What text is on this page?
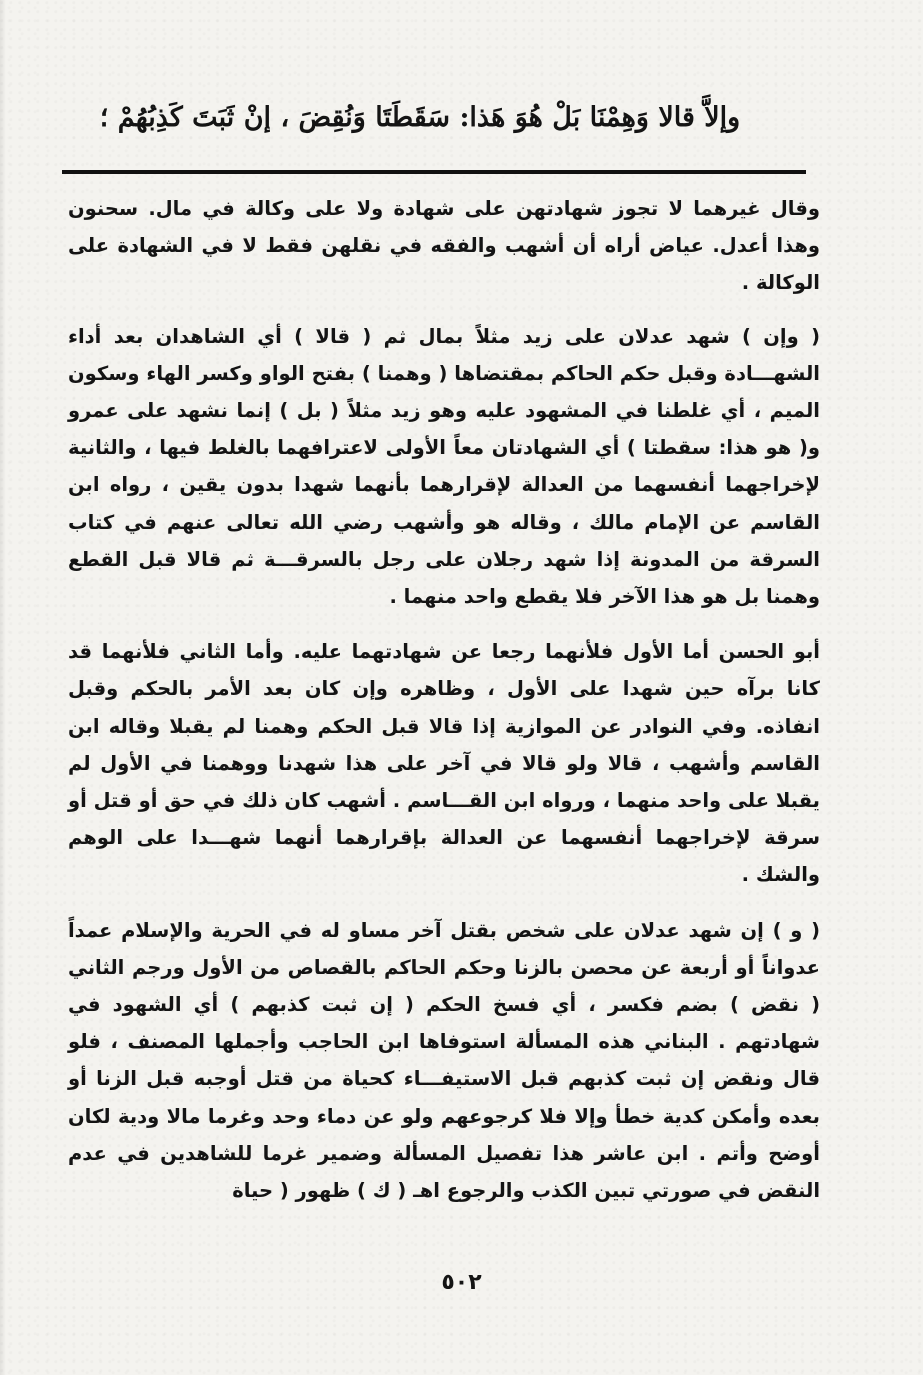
وإلاَّ قالا وَهِمْنَا بَلْ هُوَ هَذا: سَقَطَتَا وَنُقِضَ ، إنْ ثَبَتَ كَذِبُهُمْ ؛

وقال غيرهما لا تجوز شهادتهن على شهادة ولا على وكالة في مال. سحنون وهذا أعدل. عياض أراه أن أشهب والفقه في نقلهن فقط لا في الشهادة على الوكالة .

( وإن ) شهد عدلان على زيد مثلاً بمال ثم ( قالا ) أي الشاهدان بعد أداء الشهـــادة وقبل حكم الحاكم بمقتضاها ( وهمنا ) بفتح الواو وكسر الهاء وسكون الميم ، أي غلطنا في المشهود عليه وهو زيد مثلاً ( بل ) إنما نشهد على عمرو و( هو هذا: سقطتا ) أي الشهادتان معاً الأولى لاعترافهما بالغلط فيها ، والثانية لإخراجهما أنفسهما من العدالة لإقرارهما بأنهما شهدا بدون يقين ، رواه ابن القاسم عن الإمام مالك ، وقاله هو وأشهب رضي الله تعالى عنهم في كتاب السرقة من المدونة إذا شهد رجلان على رجل بالسرقـــة ثم قالا قبل القطع وهمنا بل هو هذا الآخر فلا يقطع واحد منهما .

أبو الحسن أما الأول فلأنهما رجعا عن شهادتهما عليه. وأما الثاني فلأنهما قد كانا برآه حين شهدا على الأول ، وظاهره وإن كان بعد الأمر بالحكم وقبل انفاذه. وفي النوادر عن الموازية إذا قالا قبل الحكم وهمنا لم يقبلا وقاله ابن القاسم وأشهب ، قالا ولو قالا في آخر على هذا شهدنا ووهمنا في الأول لم يقبلا على واحد منهما ، ورواه ابن القـــاسم . أشهب كان ذلك في حق أو قتل أو سرقة لإخراجهما أنفسهما عن العدالة بإقرارهما أنهما شهـــدا على الوهم والشك .

( و ) إن شهد عدلان على شخص بقتل آخر مساو له في الحرية والإسلام عمداً عدواناً أو أربعة عن محصن بالزنا وحكم الحاكم بالقصاص من الأول ورجم الثاني ( نقض ) بضم فكسر ، أي فسخ الحكم ( إن ثبت كذبهم ) أي الشهود في شهادتهم . البناني هذه المسألة استوفاها ابن الحاجب وأجملها المصنف ، فلو قال ونقض إن ثبت كذبهم قبل الاستيفـــاء كحياة من قتل أوجبه قبل الزنا أو بعده وأمكن كدية خطأ وإلا فلا كرجوعهم ولو عن دماء وحد وغرما مالا ودية لكان أوضح وأتم . ابن عاشر هذا تفصيل المسألة وضمير غرما للشاهدين في عدم النقض في صورتي تبين الكذب والرجوع اهـ ( ك ) ظهور ( حياة

٥٠٢
